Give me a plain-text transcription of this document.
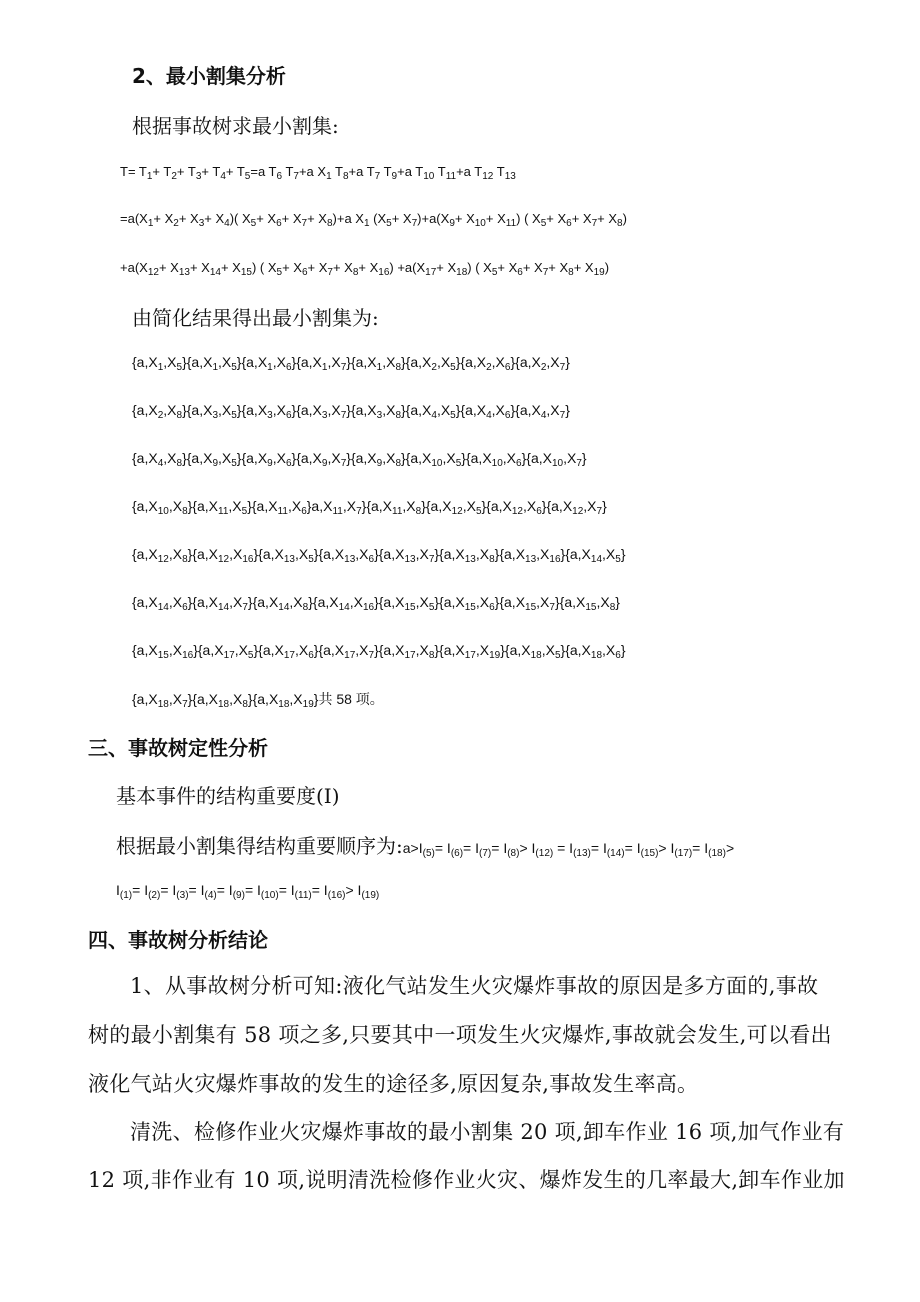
2、最小割集分析
根据事故树求最小割集:
$T= T_1+ T_2+ T_3+ T_4+ T_5=a$ $T_6$ $T_7+a$ $X_1$ $T_8+a$ $T_7$ $T_9+a$ $T_{10}$ $T_{11}+a$ $T_{12}$ $T_{13}$
$=a(X_1+ X_2+ X_3+ X_4)$( $X_5+ X_6+ X_7+ X_8)+a$ $X_1$ $(X_5+ X_7)+a(X_9+ X_{10}+ X_{11})$ ( $X_5+ X_6+ X_7+ X_8$)
$+a(X_{12}+ X_{13}+ X_{14}+ X_{15})$ ( $X_5+ X_6+ X_7+ X_8+ X_{16}) +a(X_{17}+ X_{18})$ ( $X_5+ X_6+ X_7+ X_8+ X_{19}$)
由简化结果得出最小割集为:
$\{a,X_1,X_5\}\{a,X_1,X_5\}\{a,X_1,X_6\}\{a,X_1,X_7\}\{a,X_1,X_8\}\{a,X_2,X_5\}\{a,X_2,X_6\}\{a,X_2,X_7\}$
$\{a,X_2,X_8\}\{a,X_3,X_5\}\{a,X_3,X_6\}\{a,X_3,X_7\}\{a,X_3,X_8\}\{a,X_4,X_5\}\{a,X_4,X_6\}\{a,X_4,X_7\}$
$\{a,X_4,X_8\}\{a,X_9,X_5\}\{a,X_9,X_6\}\{a,X_9,X_7\}\{a,X_9,X_8\}\{a,X_{10},X_5\}\{a,X_{10},X_6\}\{a,X_{10},X_7\}$
$\{a,X_{10},X_8\}\{a,X_{11},X_5\}\{a,X_{11},X_6\}a,X_{11},X_7\}\{a,X_{11},X_8\}\{a,X_{12},X_5\}\{a,X_{12},X_6\}\{a,X_{12},X_7\}$
$\{a,X_{12},X_8\}\{a,X_{12},X_{16}\}\{a,X_{13},X_5\}\{a,X_{13},X_6\}\{a,X_{13},X_7\}\{a,X_{13},X_8\}\{a,X_{13},X_{16}\}\{a,X_{14},X_5\}$
$\{a,X_{14},X_6\}\{a,X_{14},X_7\}\{a,X_{14},X_8\}\{a,X_{14},X_{16}\}\{a,X_{15},X_5\}\{a,X_{15},X_6\}\{a,X_{15},X_7\}\{a,X_{15},X_8\}$
$\{a,X_{15},X_{16}\}\{a,X_{17},X_5\}\{a,X_{17},X_6\}\{a,X_{17},X_7\}\{a,X_{17},X_8\}\{a,X_{17},X_{19}\}\{a,X_{18},X_5\}\{a,X_{18},X_6\}$
$\{a,X_{18},X_7\}\{a,X_{18},X_8\}\{a,X_{18},X_{19}\}$共 58 项。
三、事故树定性分析
基本事件的结构重要度(I)
根据最小割集得结构重要顺序为$:a>I_{(5)}= I_{(6)}= I_{(7)}= I_{(8)}> I_{(12)} = I_{(13)}= I_{(14)}= I_{(15)}> I_{(17)}= I_{(18)}>$
$I_{(1)}= I_{(2)}= I_{(3)}= I_{(4)}= I_{(9)}= I_{(10)}= I_{(11)}= I_{(16)}> I_{(19)}$
四、事故树分析结论
1、从事故树分析可知:液化气站发生火灾爆炸事故的原因是多方面的,事故
树的最小割集有 58 项之多,只要其中一项发生火灾爆炸,事故就会发生,可以看出
液化气站火灾爆炸事故的发生的途径多,原因复杂,事故发生率高。
清洗、检修作业火灾爆炸事故的最小割集 20 项,卸车作业 16 项,加气作业有
12 项,非作业有 10 项,说明清洗检修作业火灾、爆炸发生的几率最大,卸车作业加
